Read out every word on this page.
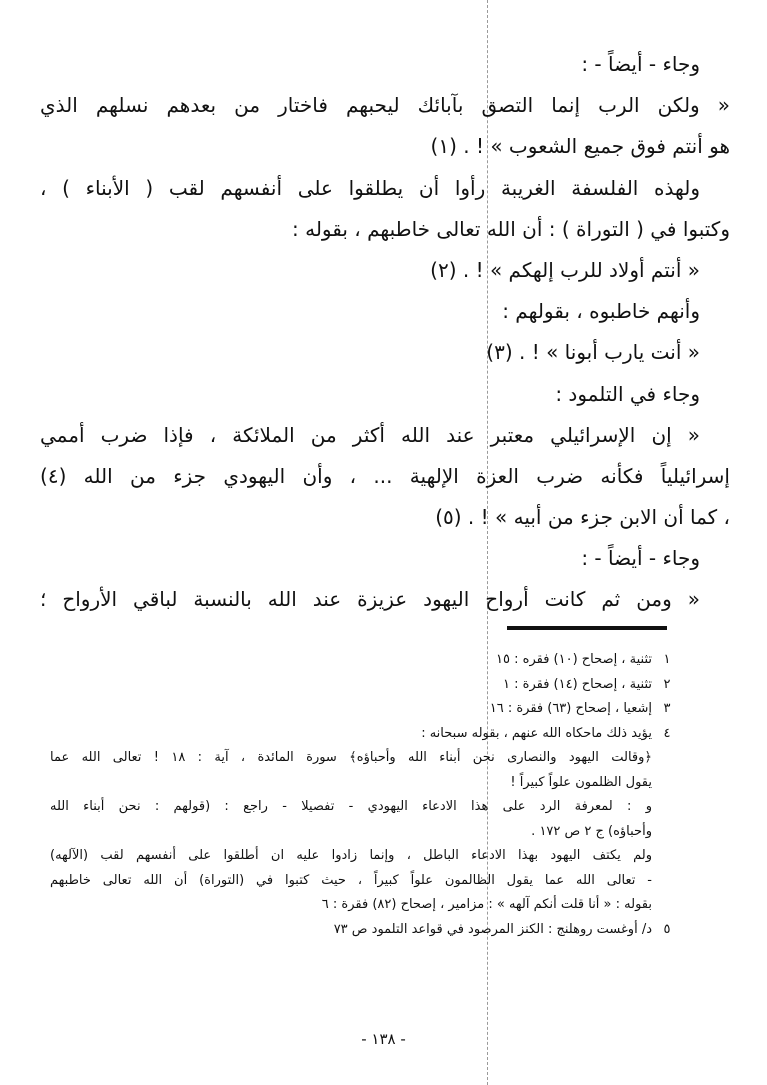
وجاء - أيضاً - :
« ولكن الرب إنما التصق بآبائك ليحبهم فاختار من بعدهم نسلهم الذي
هو أنتم فوق جميع الشعوب » ! . (١)
ولهذه الفلسفة الغريبة رأوا أن يطلقوا على أنفسهم لقب ( الأبناء ) ،
وكتبوا في ( التوراة ) : أن الله تعالى خاطبهم ، بقوله :
« أنتم أولاد للرب إلهكم » ! . (٢)
وأنهم خاطبوه ، بقولهم :
« أنت يارب أبونا » ! . (٣)
وجاء في التلمود :
« إن الإسرائيلي معتبر عند الله أكثر من الملائكة ، فإذا ضرب أممي
إسرائيلياً فكأنه ضرب العزة الإلهية ... ، وأن اليهودي جزء من الله (٤)
، كما أن الابن جزء من أبيه » ! . (٥)
وجاء - أيضاً - :
« ومن ثم كانت أرواح اليهود عزيزة عند الله بالنسبة لباقي الأرواح ؛
١
تثنية ، إصحاح (١٠) فقره : ١٥
٢
تثنية ، إصحاح (١٤) فقرة : ١
٣
إشعيا ، إصحاح (٦٣) فقرة : ١٦
٤
يؤيد ذلك ماحكاه الله عنهم ، بقوله سبحانه :
﴿وقالت اليهود والنصارى نحن أبناء الله وأحباؤه﴾ سورة المائدة ، آية : ١٨ ! تعالى الله عما
يقول الظلمون علواً كبيراً !
و : لمعرفة الرد على هذا الادعاء اليهودي - تفصيلا - راجع : (قولهم : نحن أبناء الله
وأحباؤه) ج ٢ ص ١٧٢ .
ولم يكتف اليهود بهذا الادعاء الباطل ، وإنما زادوا عليه ان أطلقوا على أنفسهم لقب (الآلهه)
- تعالى الله عما يقول الظالمون علواً كبيراً ، حيث كتبوا في (التوراة) أن الله تعالى خاطبهم
بقوله : « أنا قلت أنكم آلهه » : مزامير ، إصحاح (٨٢) فقرة : ٦
٥
د/ أوغست روهلنج : الكنز المرصود في قواعد التلمود ص ٧٣
- ١٣٨ -
